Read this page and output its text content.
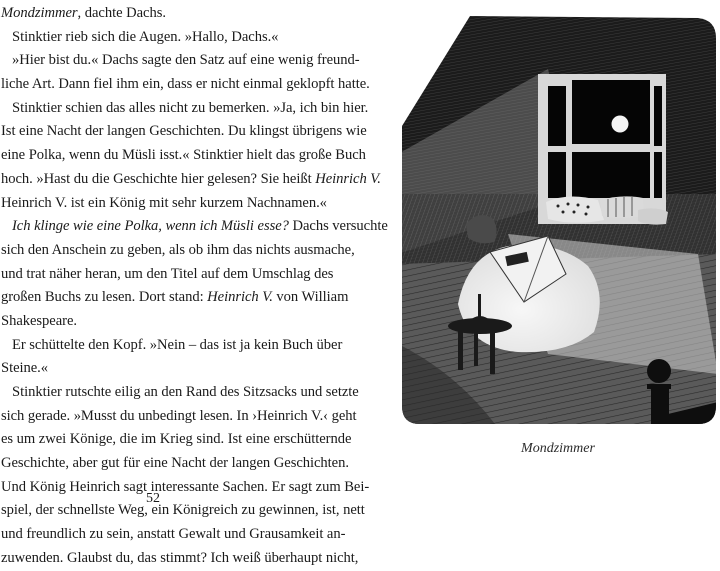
Mondzimmer, dachte Dachs.
Stinktier rieb sich die Augen. »Hallo, Dachs.«
»Hier bist du.« Dachs sagte den Satz auf eine wenig freund-
liche Art. Dann fiel ihm ein, dass er nicht einmal geklopft hatte.
Stinktier schien das alles nicht zu bemerken. »Ja, ich bin hier.
Ist eine Nacht der langen Geschichten. Du klingst übrigens wie
eine Polka, wenn du Müsli isst.« Stinktier hielt das große Buch
hoch. »Hast du die Geschichte hier gelesen? Sie heißt Heinrich V.
Heinrich V. ist ein König mit sehr kurzem Nachnamen.«
Ich klinge wie eine Polka, wenn ich Müsli esse? Dachs versuchte
sich den Anschein zu geben, als ob ihm das nichts ausmache,
und trat näher heran, um den Titel auf dem Umschlag des
großen Buchs zu lesen. Dort stand: Heinrich V. von William
Shakespeare.
Er schüttelte den Kopf. »Nein – das ist ja kein Buch über
Steine.«
Stinktier rutschte eilig an den Rand des Sitzsacks und setzte
sich gerade. »Musst du unbedingt lesen. In ›Heinrich V.‹ geht
es um zwei Könige, die im Krieg sind. Ist eine erschütternde
Geschichte, aber gut für eine Nacht der langen Geschichten.
Und König Heinrich sagt interessante Sachen. Er sagt zum Bei-
spiel, der schnellste Weg, ein Königreich zu gewinnen, ist, nett
und freundlich zu sein, anstatt Gewalt und Grausamkeit an-
zuwenden. Glaubst du, das stimmt? Ich weiß überhaupt nicht,
52
Mondzimmer
